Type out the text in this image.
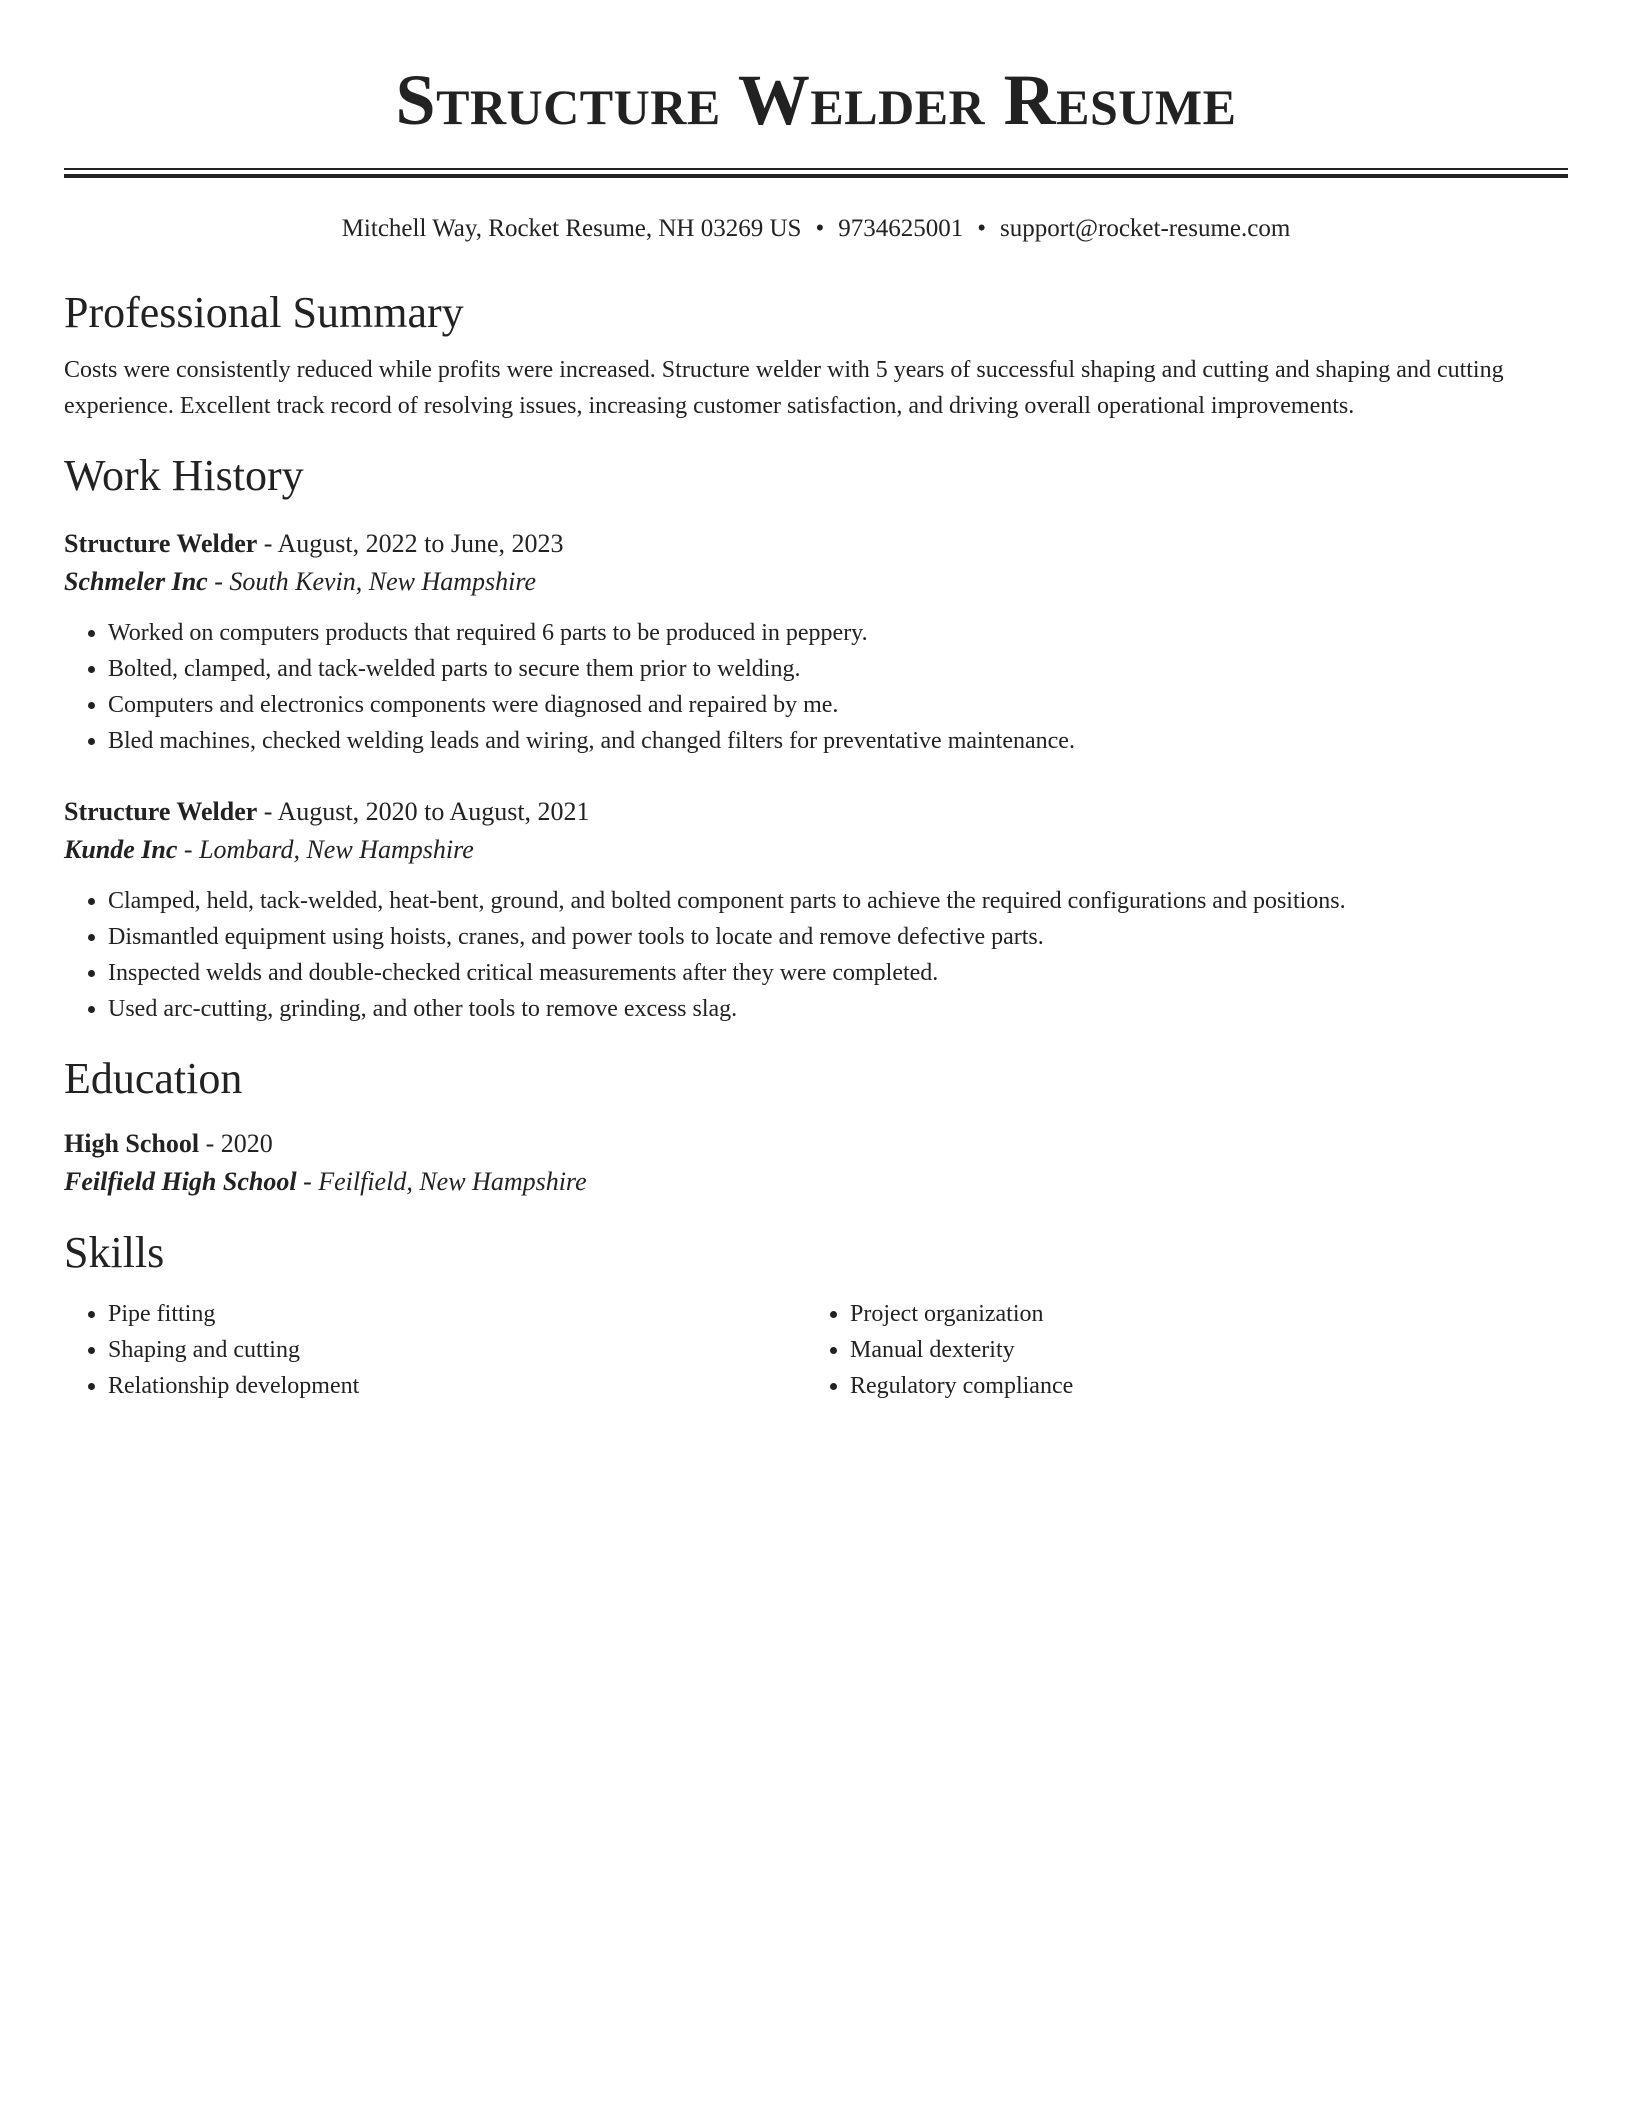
Structure Welder Resume
Mitchell Way, Rocket Resume, NH 03269 US • 9734625001 • support@rocket-resume.com
Professional Summary
Costs were consistently reduced while profits were increased. Structure welder with 5 years of successful shaping and cutting and shaping and cutting experience. Excellent track record of resolving issues, increasing customer satisfaction, and driving overall operational improvements.
Work History
Structure Welder - August, 2022 to June, 2023
Schmeler Inc - South Kevin, New Hampshire
• Worked on computers products that required 6 parts to be produced in peppery.
• Bolted, clamped, and tack-welded parts to secure them prior to welding.
• Computers and electronics components were diagnosed and repaired by me.
• Bled machines, checked welding leads and wiring, and changed filters for preventative maintenance.
Structure Welder - August, 2020 to August, 2021
Kunde Inc - Lombard, New Hampshire
• Clamped, held, tack-welded, heat-bent, ground, and bolted component parts to achieve the required configurations and positions.
• Dismantled equipment using hoists, cranes, and power tools to locate and remove defective parts.
• Inspected welds and double-checked critical measurements after they were completed.
• Used arc-cutting, grinding, and other tools to remove excess slag.
Education
High School - 2020
Feilfield High School - Feilfield, New Hampshire
Skills
• Pipe fitting
• Shaping and cutting
• Relationship development
• Project organization
• Manual dexterity
• Regulatory compliance
